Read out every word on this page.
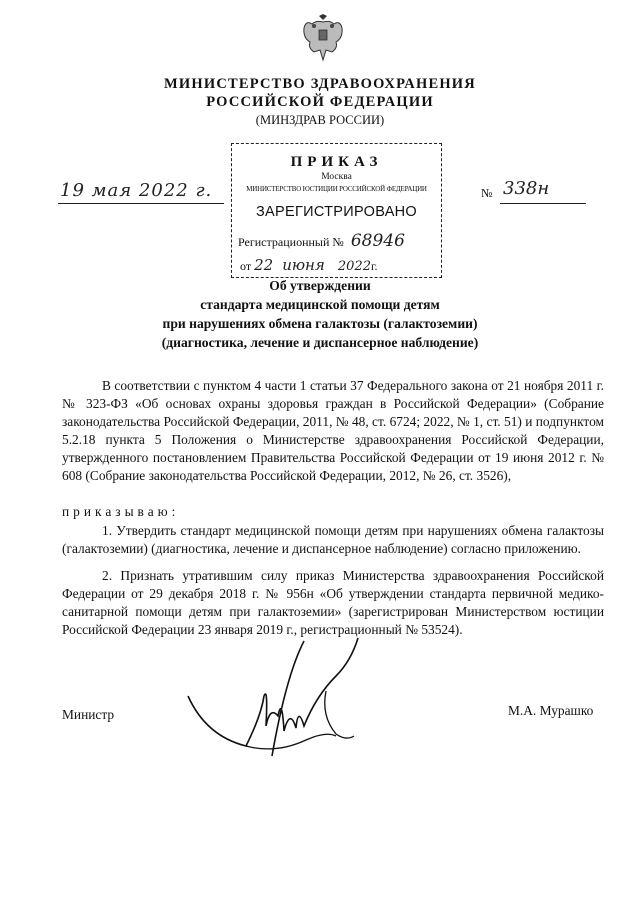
МИНИСТЕРСТВО ЗДРАВООХРАНЕНИЯ
РОССИЙСКОЙ ФЕДЕРАЦИИ
(МИНЗДРАВ РОССИИ)
ПРИКАЗ
Москва
МИНИСТЕРСТВО ЮСТИЦИИ РОССИЙСКОЙ ФЕДЕРАЦИИ
ЗАРЕГИСТРИРОВАНО
Регистрационный № 68946
от 22 июня 2022г.
19 мая 2022 г.	№ 338н
Об утверждении
стандарта медицинской помощи детям
при нарушениях обмена галактозы (галактоземии)
(диагностика, лечение и диспансерное наблюдение)

В соответствии с пунктом 4 части 1 статьи 37 Федерального закона от 21 ноября 2011 г. № 323-ФЗ «Об основах охраны здоровья граждан в Российской Федерации» (Собрание законодательства Российской Федерации, 2011, № 48, ст. 6724; 2022, № 1, ст. 51) и подпунктом 5.2.18 пункта 5 Положения о Министерстве здравоохранения Российской Федерации, утвержденного постановлением Правительства Российской Федерации от 19 июня 2012 г. № 608 (Собрание законодательства Российской Федерации, 2012, № 26, ст. 3526),

приказываю:

1. Утвердить стандарт медицинской помощи детям при нарушениях обмена галактозы (галактоземии) (диагностика, лечение и диспансерное наблюдение) согласно приложению.

2. Признать утратившим силу приказ Министерства здравоохранения Российской Федерации от 29 декабря 2018 г. № 956н «Об утверждении стандарта первичной медико-санитарной помощи детям при галактоземии» (зарегистрирован Министерством юстиции Российской Федерации 23 января 2019 г., регистрационный № 53524).

Министр	М.А. Мурашко
